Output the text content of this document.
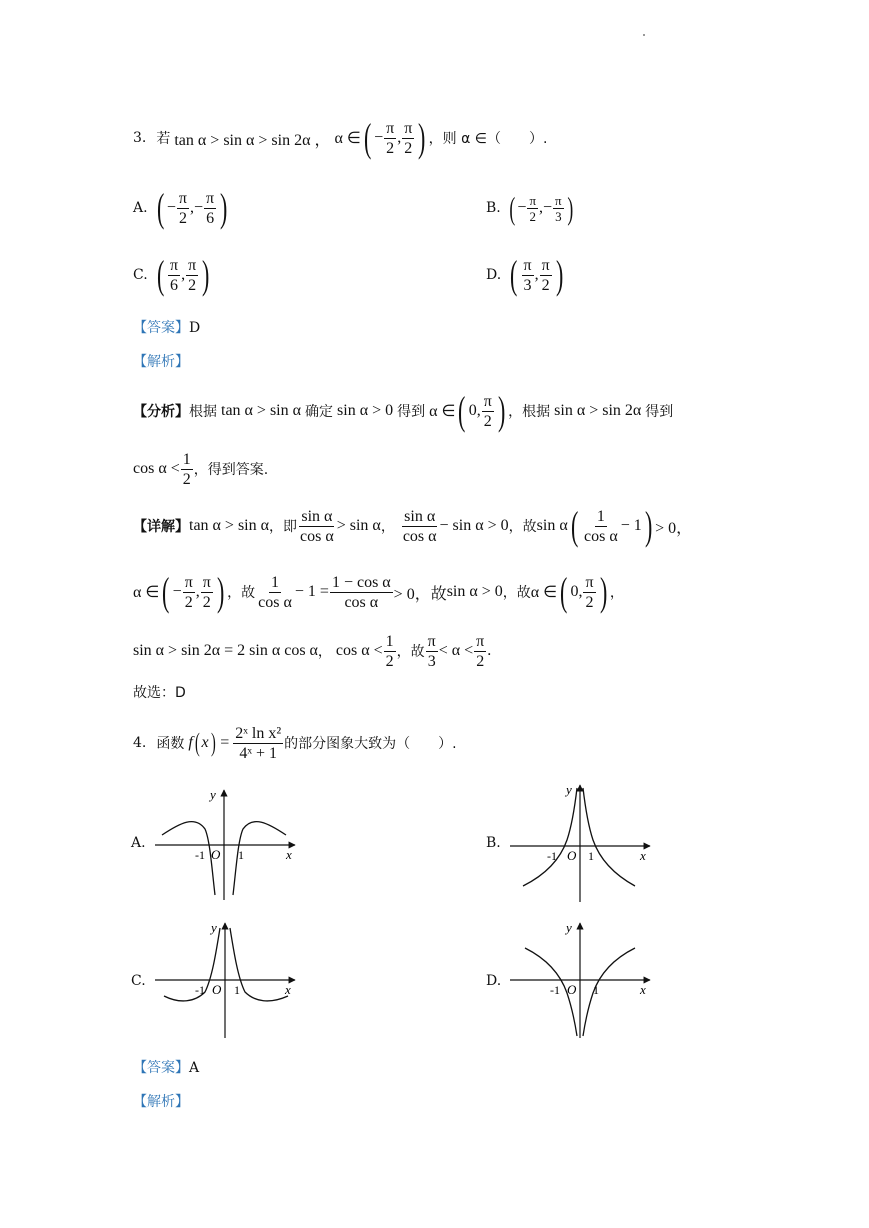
3. 若 tan α > sin α > sin 2α ， α ∈ ( − $\frac{\pi}{2}$ , $\frac{\pi}{2}$ ) ，则 α ∈（　　）.
A. ( − $\frac{\pi}{2}$ ,− $\frac{\pi}{6}$ )	B. ( − $\frac{\pi}{2}$ ,− $\frac{\pi}{3}$ )
C. ( $\frac{\pi}{6}$ , $\frac{\pi}{2}$ )	D. ( $\frac{\pi}{3}$ , $\frac{\pi}{2}$ )
【答案】D
【解析】
【分析】 根据 tan α > sin α 确定 sin α > 0 得到 α ∈ ( 0, $\frac{\pi}{2}$ ) ，根据 sin α > sin 2α 得到
$\cos \alpha < \frac{1}{2}$ ，得到答案.
【详解】 tan α > sin α ，即 $\frac{\text{sin α}}{\text{cos α}} > \sin \alpha$ ， $\frac{\text{sin α}}{\text{cos α}} - \sin \alpha > 0$ ，故 sin α ( $\frac{1}{\text{cos α}} - 1$ ) > 0，
α ∈ ( − $\frac{\pi}{2}$ , $\frac{\pi}{2}$ ) ，故 $\frac{1}{\text{cos α}} - 1 = \frac{\text{1 − cos α}}{\text{cos α}} > 0$，故 sin α > 0 ，故 α ∈ ( 0, $\frac{\pi}{2}$ ) ，
sin α > sin 2α = 2 sin α cos α ， $\cos \alpha < \frac{1}{2}$ ，故 $\frac{\pi}{3} < \alpha < \frac{\pi}{2}$ .
故选：D
4. 函数 f ( x ) = $\frac{\text{2ˣ ln x²}}{\text{4ˣ + 1}}$ 的部分图象大致为（　　）.
A.	B.
C.	D.
y
x
O
-1	1
y
x
O
-1	1
y
x
O
-1 1
y
x
O
-1	1
【答案】A
【解析】
